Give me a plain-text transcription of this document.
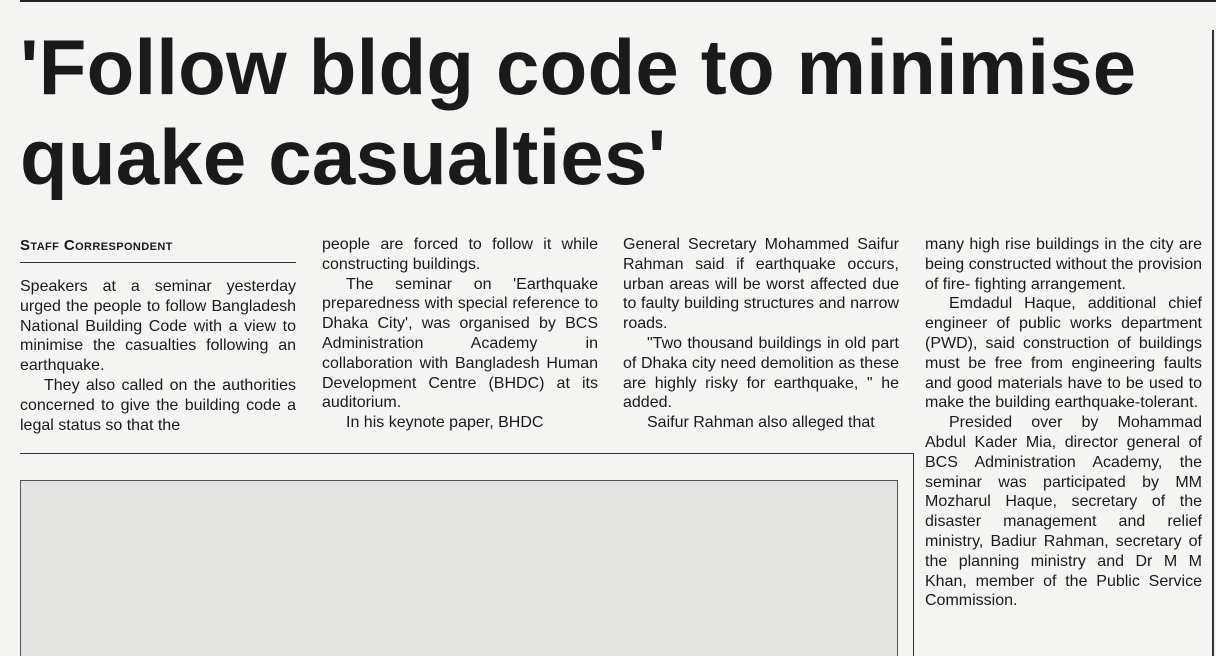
'Follow bldg code to minimise
quake casualties'
Staff Correspondent

Speakers at a seminar yesterday urged the people to follow Bangladesh National Building Code with a view to minimise the casualties following an earthquake.

They also called on the authorities concerned to give the building code a legal status so that the

people are forced to follow it while constructing buildings.

The seminar on 'Earthquake preparedness with special reference to Dhaka City', was organised by BCS Administration Academy in collaboration with Bangladesh Human Development Centre (BHDC) at its auditorium.

In his keynote paper, BHDC

General Secretary Mohammed Saifur Rahman said if earthquake occurs, urban areas will be worst affected due to faulty building structures and narrow roads.

"Two thousand buildings in old part of Dhaka city need demolition as these are highly risky for earthquake, " he added.

Saifur Rahman also alleged that

many high rise buildings in the city are being constructed without the provision of fire- fighting arrangement.

Emdadul Haque, additional chief engineer of public works department (PWD), said construction of buildings must be free from engineering faults and good materials have to be used to make the building earthquake-tolerant.

Presided over by Mohammad Abdul Kader Mia, director general of BCS Administration Academy, the seminar was participated by MM Mozharul Haque, secretary of the disaster management and relief ministry, Badiur Rahman, secretary of the planning ministry and Dr M M Khan, member of the Public Service Commission.
